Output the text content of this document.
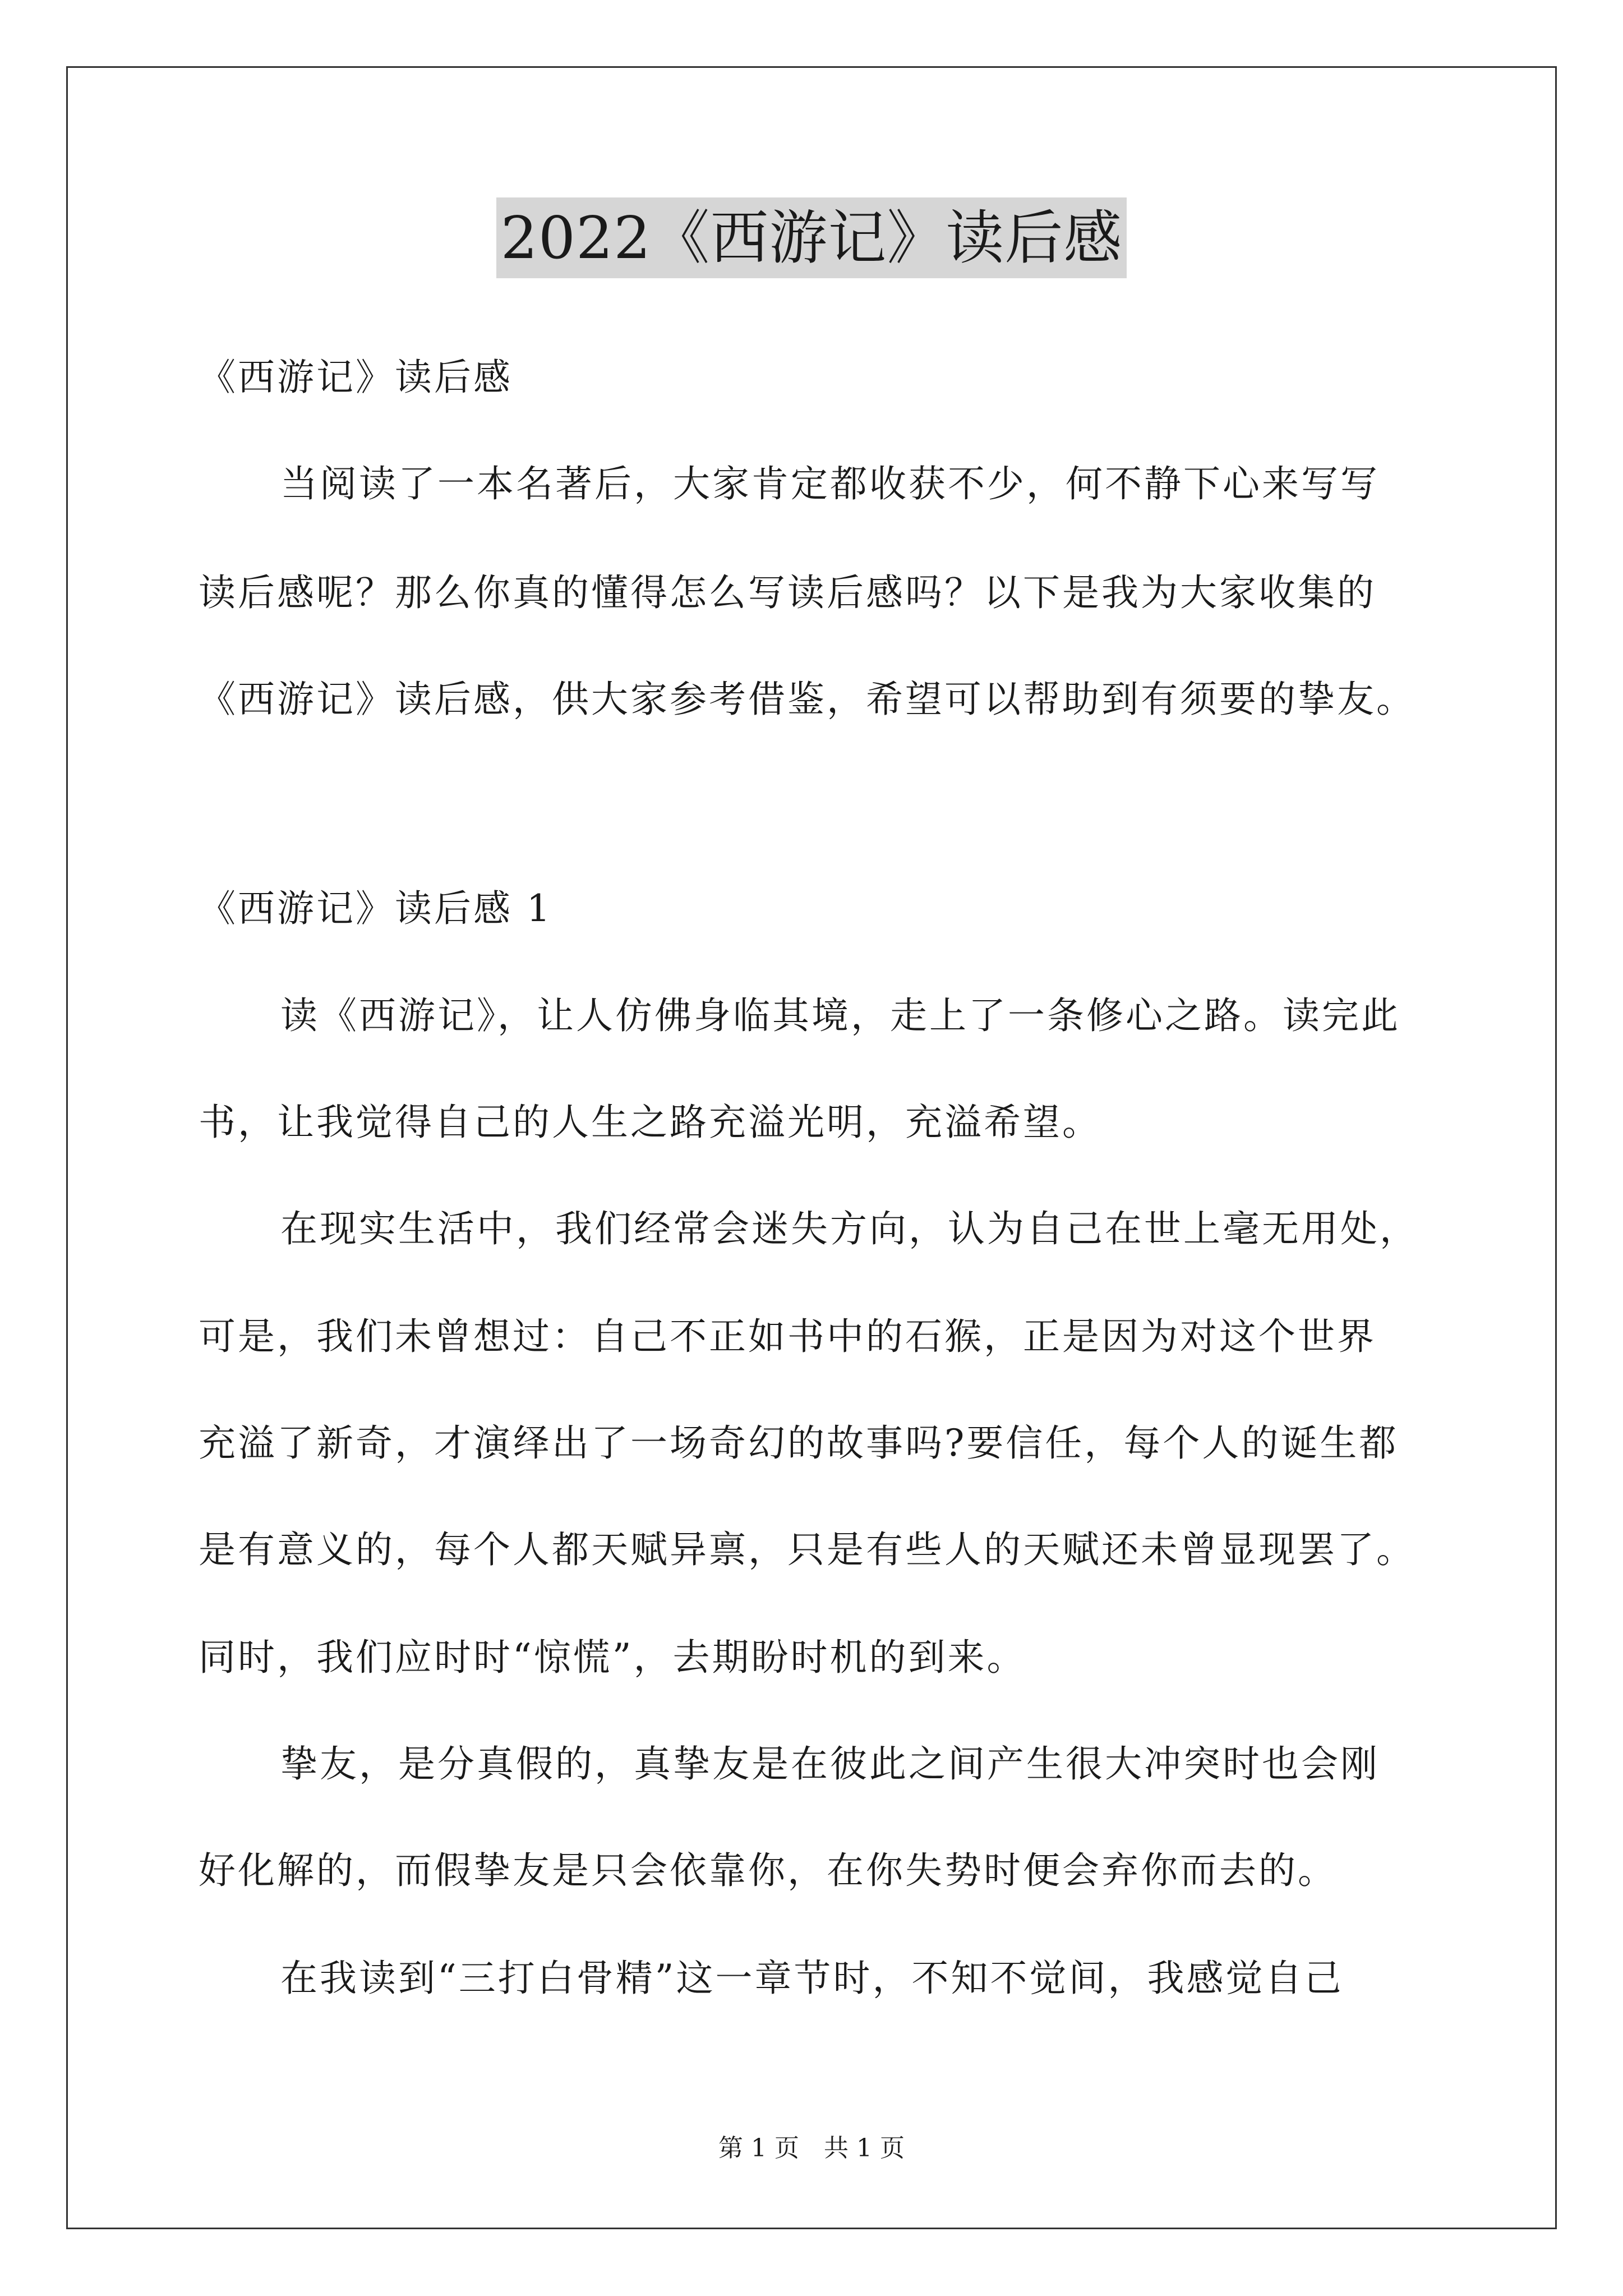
2022《西游记》读后感
《西游记》读后感
当阅读了一本名著后，大家肯定都收获不少，何不静下心来写写
读后感呢？那么你真的懂得怎么写读后感吗？以下是我为大家收集的
《西游记》读后感，供大家参考借鉴，希望可以帮助到有须要的挚友。
《西游记》读后感 1
读《西游记》，让人仿佛身临其境，走上了一条修心之路。读完此
书，让我觉得自己的人生之路充溢光明，充溢希望。
在现实生活中，我们经常会迷失方向，认为自己在世上毫无用处，
可是，我们未曾想过：自己不正如书中的石猴，正是因为对这个世界
充溢了新奇，才演绎出了一场奇幻的故事吗?要信任，每个人的诞生都
是有意义的，每个人都天赋异禀，只是有些人的天赋还未曾显现罢了。
同时，我们应时时“惊慌”，去期盼时机的到来。
挚友，是分真假的，真挚友是在彼此之间产生很大冲突时也会刚
好化解的，而假挚友是只会依靠你，在你失势时便会弃你而去的。
在我读到“三打白骨精”这一章节时，不知不觉间，我感觉自己
第 1 页　共 1 页
